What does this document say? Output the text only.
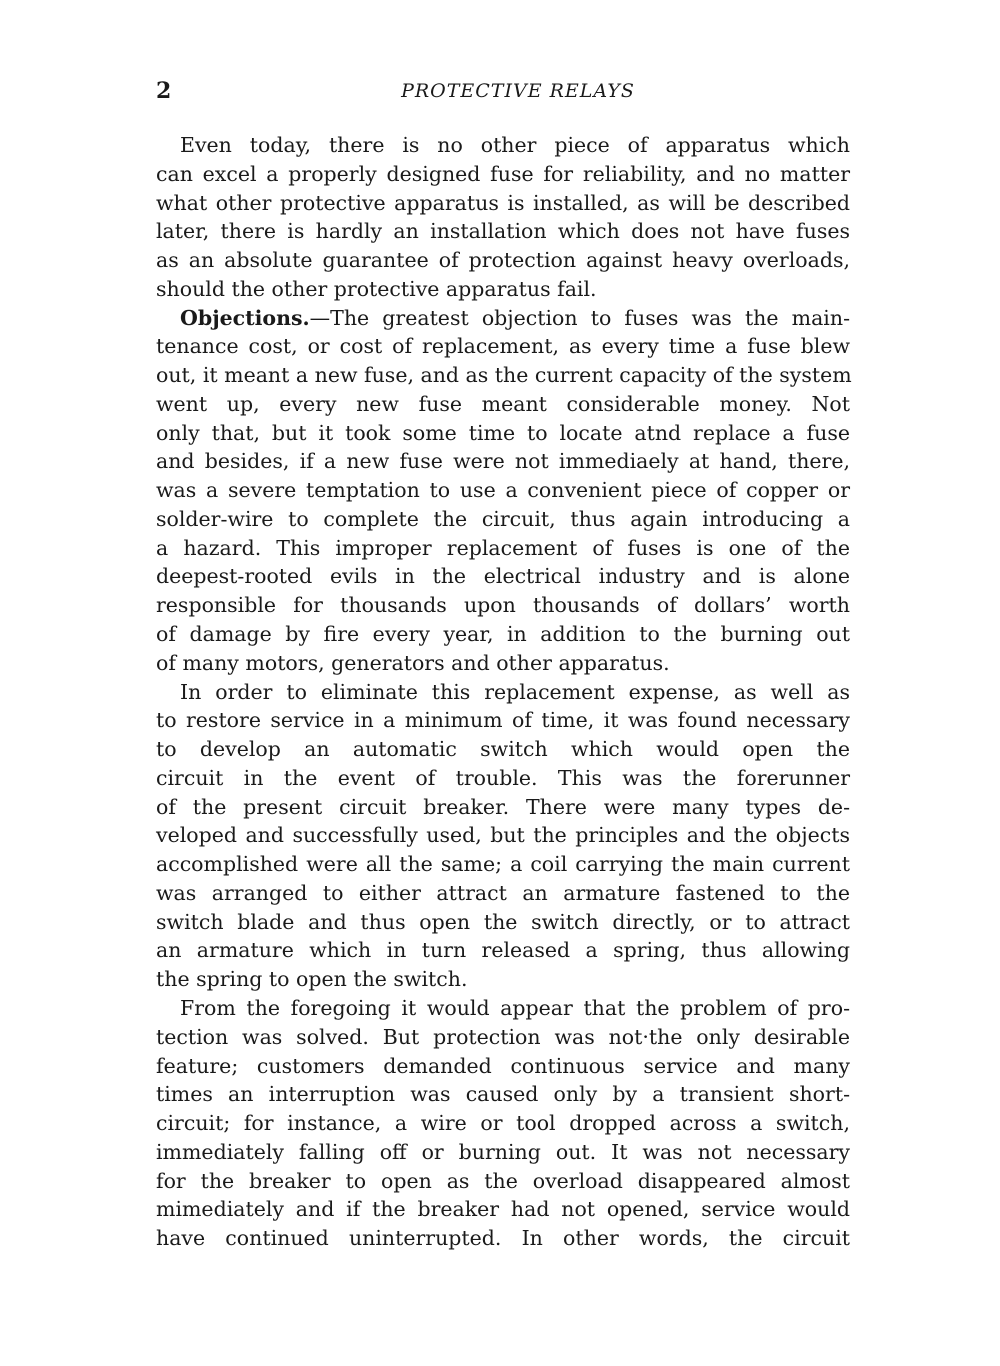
2	PROTECTIVE RELAYS
Even today, there is no other piece of apparatus which
can excel a properly designed fuse for reliability, and no matter
what other protective apparatus is installed, as will be described
later, there is hardly an installation which does not have fuses
as an absolute guarantee of protection against heavy overloads,
should the other protective apparatus fail.
Objections.—The greatest objection to fuses was the main-
tenance cost, or cost of replacement, as every time a fuse blew
out, it meant a new fuse, and as the current capacity of the system
went up, every new fuse meant considerable money. Not
only that, but it took some time to locate atnd replace a fuse
and besides, if a new fuse were not immediaely at hand, there,
was a severe temptation to use a convenient piece of copper or
solder-wire to complete the circuit, thus again introducing a
a hazard. This improper replacement of fuses is one of the
deepest-rooted evils in the electrical industry and is alone
responsible for thousands upon thousands of dollars’ worth
of damage by fire every year, in addition to the burning out
of many motors, generators and other apparatus.
In order to eliminate this replacement expense, as well as
to restore service in a minimum of time, it was found necessary
to develop an automatic switch which would open the
circuit in the event of trouble. This was the forerunner
of the present circuit breaker. There were many types de-
veloped and successfully used, but the principles and the objects
accomplished were all the same; a coil carrying the main current
was arranged to either attract an armature fastened to the
switch blade and thus open the switch directly, or to attract
an armature which in turn released a spring, thus allowing
the spring to open the switch.
From the foregoing it would appear that the problem of pro-
tection was solved. But protection was not·the only desirable
feature; customers demanded continuous service and many
times an interruption was caused only by a transient short-
circuit; for instance, a wire or tool dropped across a switch,
immediately falling off or burning out. It was not necessary
for the breaker to open as the overload disappeared almost
mimediately and if the breaker had not opened, service would
have continued uninterrupted. In other words, the circuit
